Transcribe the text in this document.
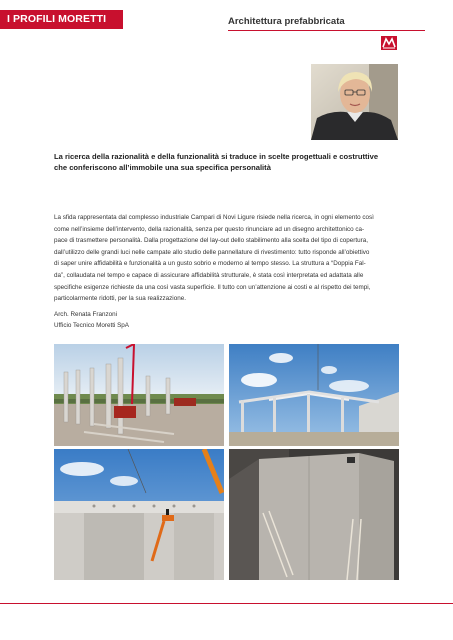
I PROFILI MORETTI	Architettura prefabbricata
La ricerca della razionalità e della funzionalità si traduce in scelte progettuali e costruttive che conferiscono all’immobile una sua specifica personalità
La sfida rappresentata dal complesso industriale Campari di Novi Ligure risiede nella ricerca, in ogni elemento così
come nell’insieme dell’intervento, della razionalità, senza per questo rinunciare ad un disegno architettonico ca-
pace di trasmettere personalità. Dalla progettazione del lay-out dello stabilimento alla scelta del tipo di copertura,
dall’utilizzo delle grandi luci nelle campate allo studio delle pannellature di rivestimento: tutto risponde all’obiettivo
di saper unire affidabilità e funzionalità a un gusto sobrio e moderno al tempo stesso. La struttura a “Doppia Fal-
da”, collaudata nel tempo e capace di assicurare affidabilità strutturale, è stata così interpretata ed adattata alle
specifiche esigenze richieste da una così vasta superficie. Il tutto con un’attenzione ai costi e al rispetto dei tempi,
particolarmente ridotti, per la sua realizzazione.
Arch. Renata Franzoni
Ufficio Tecnico Moretti SpA
